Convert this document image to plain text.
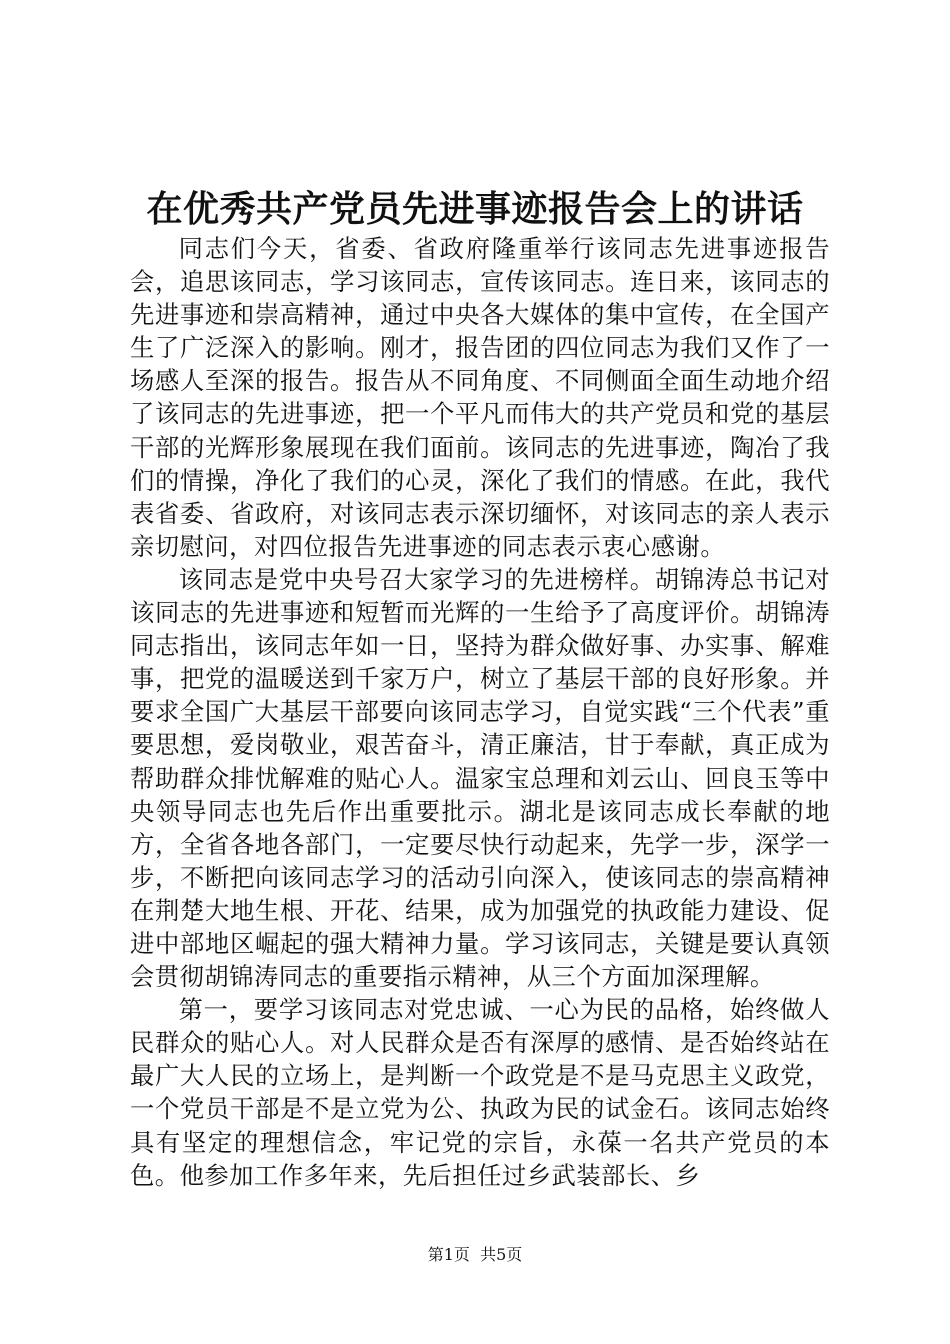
在优秀共产党员先进事迹报告会上的讲话

同志们今天，省委、省政府隆重举行该同志先进事迹报告会，追思该同志，学习该同志，宣传该同志。连日来，该同志的先进事迹和崇高精神，通过中央各大媒体的集中宣传，在全国产生了广泛深入的影响。刚才，报告团的四位同志为我们又作了一场感人至深的报告。报告从不同角度、不同侧面全面生动地介绍了该同志的先进事迹，把一个平凡而伟大的共产党员和党的基层干部的光辉形象展现在我们面前。该同志的先进事迹，陶冶了我们的情操，净化了我们的心灵，深化了我们的情感。在此，我代表省委、省政府，对该同志表示深切缅怀，对该同志的亲人表示亲切慰问，对四位报告先进事迹的同志表示衷心感谢。

该同志是党中央号召大家学习的先进榜样。胡锦涛总书记对该同志的先进事迹和短暂而光辉的一生给予了高度评价。胡锦涛同志指出，该同志年如一日，坚持为群众做好事、办实事、解难事，把党的温暖送到千家万户，树立了基层干部的良好形象。并要求全国广大基层干部要向该同志学习，自觉实践“三个代表”重要思想，爱岗敬业，艰苦奋斗，清正廉洁，甘于奉献，真正成为帮助群众排忧解难的贴心人。温家宝总理和刘云山、回良玉等中央领导同志也先后作出重要批示。湖北是该同志成长奉献的地方，全省各地各部门，一定要尽快行动起来，先学一步，深学一步，不断把向该同志学习的活动引向深入，使该同志的崇高精神在荆楚大地生根、开花、结果，成为加强党的执政能力建设、促进中部地区崛起的强大精神力量。学习该同志，关键是要认真领会贯彻胡锦涛同志的重要指示精神，从三个方面加深理解。

第一，要学习该同志对党忠诚、一心为民的品格，始终做人民群众的贴心人。对人民群众是否有深厚的感情、是否始终站在最广大人民的立场上，是判断一个政党是不是马克思主义政党，一个党员干部是不是立党为公、执政为民的试金石。该同志始终具有坚定的理想信念，牢记党的宗旨，永葆一名共产党员的本色。他参加工作多年来，先后担任过乡武装部长、乡

第1页  共5页
